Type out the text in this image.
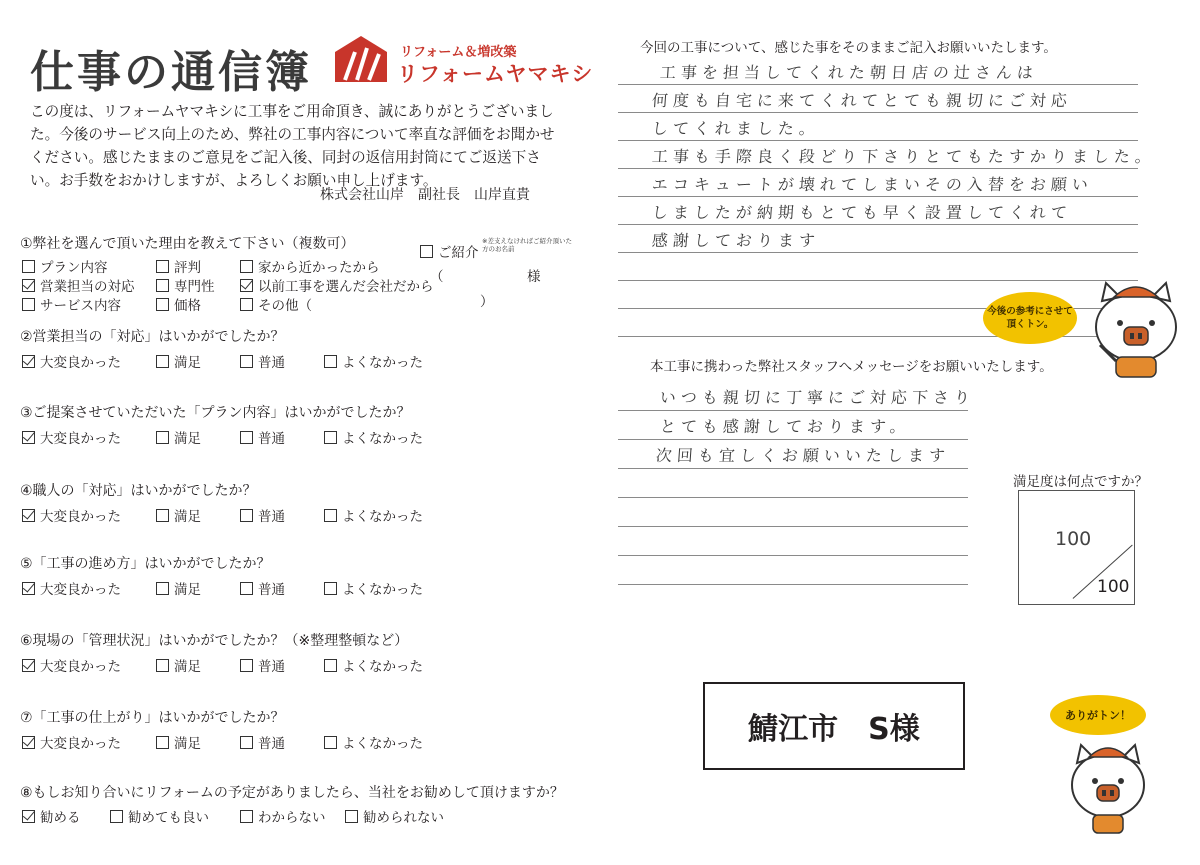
仕事の通信簿	リフォーム＆増改築
リフォームヤマキシ
この度は、リフォームヤマキシに工事をご用命頂き、誠にありがとうございました。今後のサービス向上のため、弊社の工事内容について率直な評価をお聞かせください。感じたままのご意見をご記入後、同封の返信用封筒にてご返送下さい。お手数をおかけしますが、よろしくお願い申し上げます。
株式会社山岸　副社長　山岸直貴
①弊社を選んで頂いた理由を教えて下さい（複数可）
プラン内容	評判	家から近かったから
営業担当の対応	専門性	以前工事を選んだ会社だから
サービス内容	価格	その他（
ご紹介
※差支えなければご紹介頂いた方のお名前
（	様
）
②営業担当の「対応」はいかがでしたか？
大変良かった	満足	普通	よくなかった
③ご提案させていただいた「プラン内容」はいかがでしたか？
大変良かった	満足	普通	よくなかった
④職人の「対応」はいかがでしたか？
大変良かった	満足	普通	よくなかった
⑤「工事の進め方」はいかがでしたか？
大変良かった	満足	普通	よくなかった
⑥現場の「管理状況」はいかがでしたか？（※整理整頓など）
大変良かった	満足	普通	よくなかった
⑦「工事の仕上がり」はいかがでしたか？
大変良かった	満足	普通	よくなかった
⑧もしお知り合いにリフォームの予定がありましたら、当社をお勧めして頂けますか？
勧める	勧めても良い	わからない	勧められない
今回の工事について、感じた事をそのままご記入お願いいたします。
工事を担当してくれた朝日店の辻さんは
何度も自宅に来てくれてとても親切にご対応
してくれました。
工事も手際良く段どり下さりとてもたすかりました。
エコキュートが壊れてしまいその入替をお願い
しましたが納期もとても早く設置してくれて
感謝しております
本工事に携わった弊社スタッフへメッセージをお願いいたします。
いつも親切に丁寧にご対応下さり
とても感謝しております。
次回も宜しくお願いいたします
満足度は何点ですか？
100
100
鯖江市　S様
今後の参考にさせて頂くトン。
ありがトン！
